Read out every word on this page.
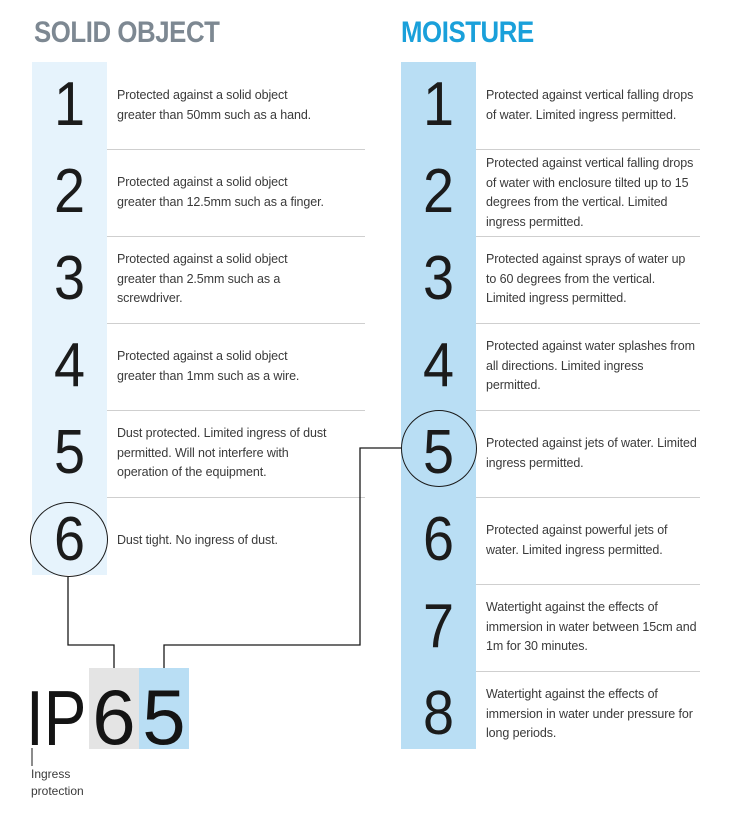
SOLID OBJECT	MOISTURE
1	Protected against a solid object greater than 50mm such as a hand.
2	Protected against a solid object greater than 12.5mm such as a finger.
3	Protected against a solid object greater than 2.5mm such as a screwdriver.
4	Protected against a solid object greater than 1mm such as a wire.
5	Dust protected. Limited ingress of dust permitted. Will not interfere with operation of the equipment.
6	Dust tight. No ingress of dust.
1	Protected against vertical falling drops of water. Limited ingress permitted.
2	Protected against vertical falling drops of water with enclosure tilted up to 15 degrees from the vertical. Limited ingress permitted.
3	Protected against sprays of water up to 60 degrees from the vertical. Limited ingress permitted.
4	Protected against water splashes from all directions. Limited ingress permitted.
5	Protected against jets of water. Limited ingress permitted.
6	Protected against powerful jets of water. Limited ingress permitted.
7	Watertight against the effects of immersion in water between 15cm and 1m for 30 minutes.
8	Watertight against the effects of immersion in water under pressure for long periods.
IP 6 5
Ingress protection
